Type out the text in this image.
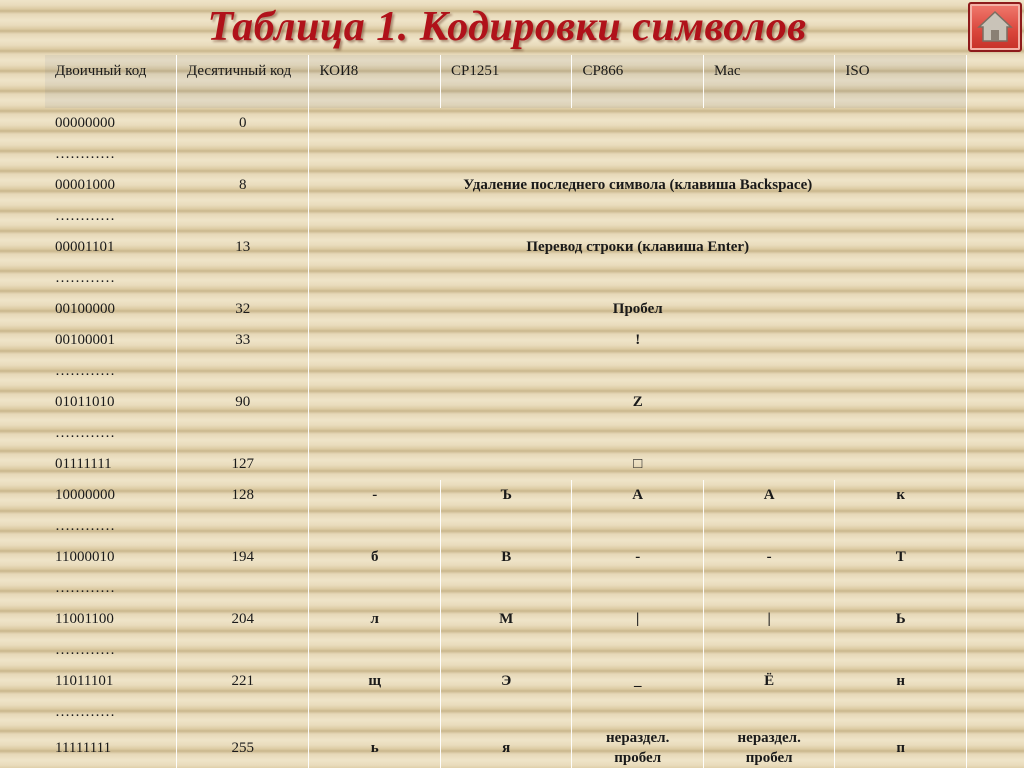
Таблица 1. Кодировки символов
Двоичный код	Десятичный код	КОИ8	СР1251	СР866	Mac	ISO
00000000	0					
…………						
00001000	8	Удаление последнего символа (клавиша Backspace)				
…………						
00001101	13	Перевод строки (клавиша Enter)				
…………						
00100000	32	Пробел				
00100001	33	!				
…………						
01011010	90	Z				
…………						
01111111	127	□				
10000000	128	-	Ъ	А	А	к
…………						
11000010	194	б	В	-	-	Т
…………						
11001100	204	л	М	|	|	Ь
…………						
11011101	221	щ	Э	_	Ё	н
…………						
11111111	255	ь	я	нераздел. пробел	нераздел. пробел	п
